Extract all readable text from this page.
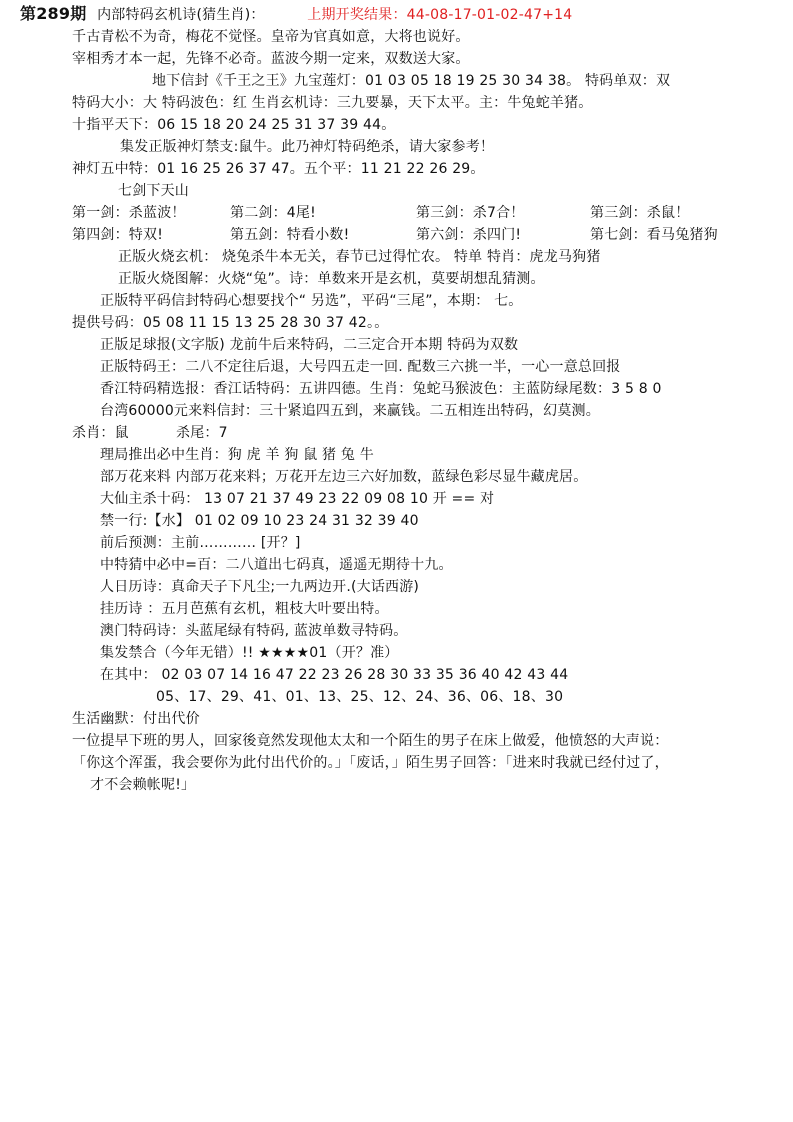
第289期 内部特码玄机诗(猜生肖)：	上期开奖结果：44-08-17-01-02-47+14
千古青松不为奇，梅花不觉怪。皇帝为官真如意，大将也说好。
宰相秀才本一起，先锋不必奇。蓝波今期一定来，双数送大家。
地下信封《千王之王》九宝莲灯：01 03 05 18 19 25 30 34 38。 特码单双：双
特码大小：大 特码波色：红 生肖玄机诗：三九要暴，天下太平。主：牛兔蛇羊猪。
十指平天下：06 15 18 20 24 25 31 37 39 44。
集发正版神灯禁支:鼠牛。此乃神灯特码绝杀，请大家参考！
神灯五中特：01 16 25 26 37 47。五个平：11 21 22 26 29。
七剑下天山
第一剑：杀蓝波！	第二剑：4尾!	第三剑：杀7合！	第三剑：杀鼠！
第四剑：特双!	第五剑：特看小数!	第六剑：杀四门!	第七剑：看马兔猪狗
正版火烧玄机： 烧兔杀牛本无关，春节已过得忙农。 特单 特肖：虎龙马狗猪
正版火烧图解：火烧“兔”。诗：单数来开是玄机，莫要胡想乱猜测。
正版特平码信封特码心想要找个“ 另选”，平码“三尾”，本期： 七。
提供号码：05 08 11 15 13 25 28 30 37 42。。
正版足球报(文字版) 龙前牛后来特码，二三定合开本期 特码为双数
正版特码王：二八不定往后退，大号四五走一回. 配数三六挑一半，一心一意总回报
香江特码精选报：香江话特码：五讲四德。生肖：兔蛇马猴波色：主蓝防绿尾数：3 5 8 0
台湾60000元来料信封：三十紧追四五到，来赢钱。二五相连出特码，幻莫测。
杀肖：鼠	杀尾：7
理局推出必中生肖：狗 虎 羊 狗 鼠 猪 兔 牛
部万花来料 内部万花来料；万花开左边三六好加数，蓝绿色彩尽显牛藏虎居。
大仙主杀十码： 13 07 21 37 49 23 22 09 08 10 开 == 对
禁一行:【水】 01 02 09 10 23 24 31 32 39 40
前后预测：主前………… [开？]
中特猜中必中=百：二八道出七码真，遥遥无期待十九。
人日历诗：真命天子下凡尘;一九两边开.(大话西游)
挂历诗 ：五月芭蕉有玄机，粗枝大叶要出特。
澳门特码诗：头蓝尾绿有特码, 蓝波单数寻特码。
集发禁合（今年无错）!! ★★★★01（开？准）
在其中： 02 03 07 14 16 47 22 23 26 28 30 33 35 36 40 42 43 44
05、17、29、41、01、13、25、12、24、36、06、18、30
生活幽默：付出代价
一位提早下班的男人，回家後竟然发现他太太和一个陌生的男子在床上做爱，他愤怒的大声说：
「你这个浑蛋，我会要你为此付出代价的。」「废话，」陌生男子回答：「进来时我就已经付过了，
才不会赖帐呢!」
